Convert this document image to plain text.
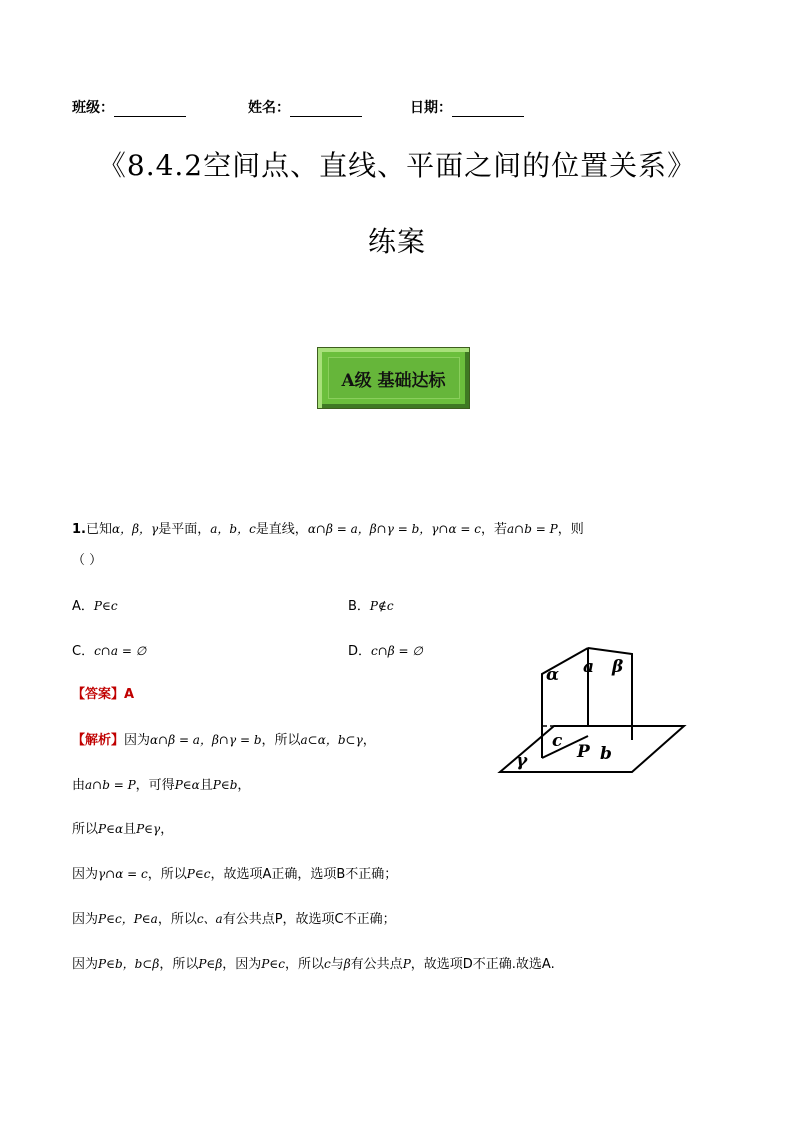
班级：	姓名：	日期：
《8.4.2空间点、直线、平面之间的位置关系》
练案
A级 基础达标
1.已知α，β，γ是平面，a，b，c是直线，α∩β = a，β∩γ = b，γ∩α = c，若a∩b = P，则
（ ）
A．P∈c	B．P∉c
C．c∩a = ∅	D．c∩β = ∅
【答案】A
【解析】因为α∩β = a，β∩γ = b，所以a⊂α，b⊂γ，
由a∩b = P，可得P∈α且P∈b，
所以P∈α且P∈γ，
因为γ∩α = c，所以P∈c，故选项A正确，选项B不正确；
因为P∈c，P∈a，所以c、a有公共点P，故选项C不正确；
因为P∈b，b⊂β，所以P∈β，因为P∈c，所以c与β有公共点P，故选项D不正确.故选A.
α a β
c
γ	P b
